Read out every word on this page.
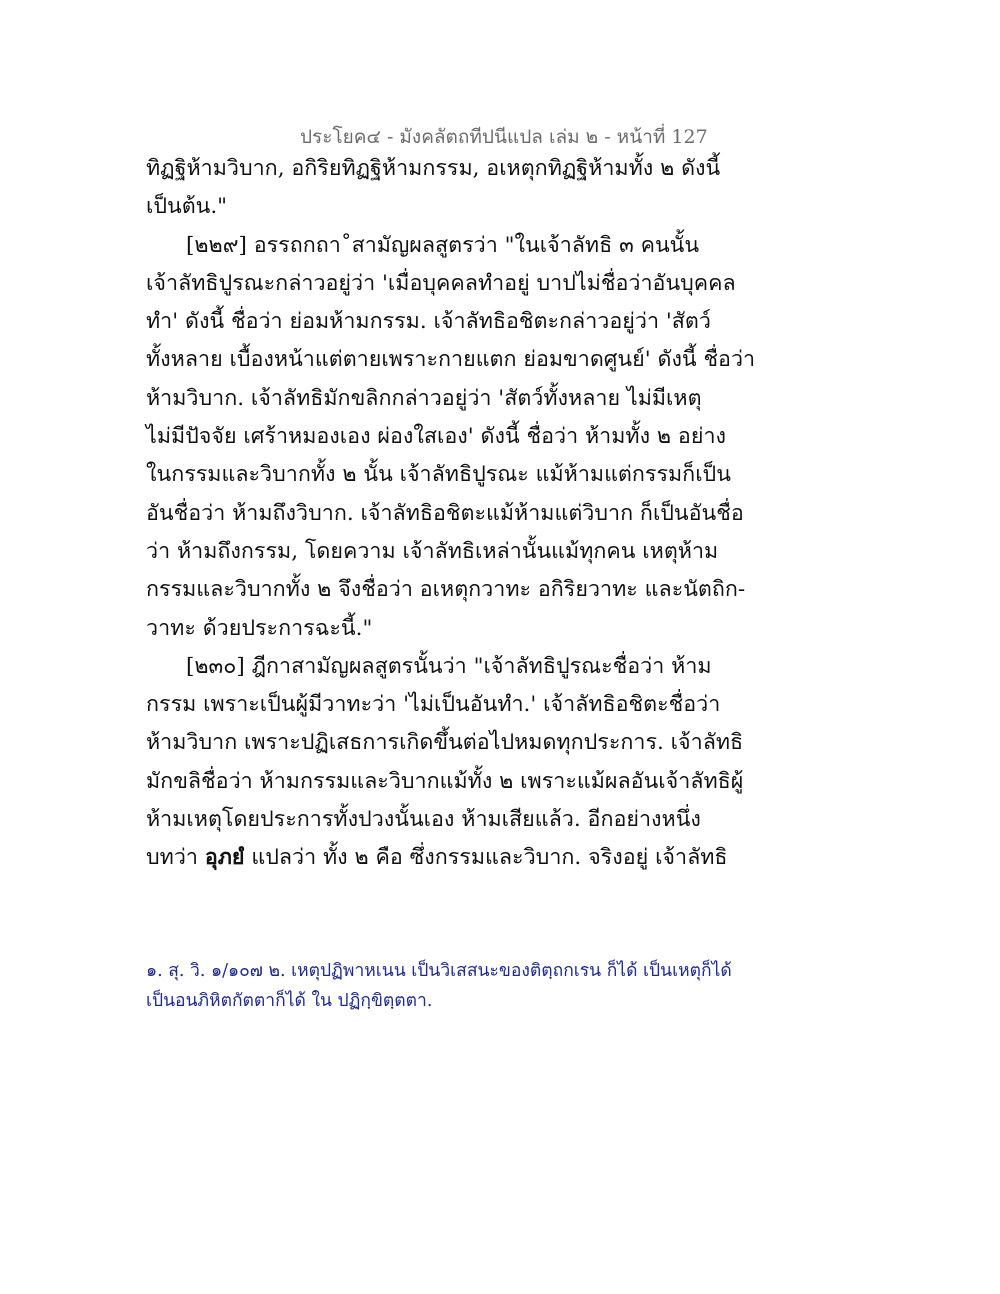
ประโยค๔ - มังคลัตถทีปนีแปล เล่ม ๒ - หน้าที่ 127
ทิฏฐิห้ามวิบาก, อกิริยทิฏฐิห้ามกรรม, อเหตุกทิฏฐิห้ามทั้ง ๒ ดังนี้
เป็นต้น."
[๒๒๙] อรรถกถา˚สามัญผลสูตรว่า "ในเจ้าลัทธิ ๓ คนนั้น
เจ้าลัทธิปูรณะกล่าวอยู่ว่า 'เมื่อบุคคลทำอยู่ บาปไม่ชื่อว่าอันบุคคล
ทำ' ดังนี้ ชื่อว่า ย่อมห้ามกรรม. เจ้าลัทธิอชิตะกล่าวอยู่ว่า 'สัตว์
ทั้งหลาย เบื้องหน้าแต่ตายเพราะกายแตก ย่อมขาดศูนย์' ดังนี้ ชื่อว่า
ห้ามวิบาก. เจ้าลัทธิมักขลิกกล่าวอยู่ว่า 'สัตว์ทั้งหลาย ไม่มีเหตุ
ไม่มีปัจจัย เศร้าหมองเอง ผ่องใสเอง' ดังนี้ ชื่อว่า ห้ามทั้ง ๒ อย่าง
ในกรรมและวิบากทั้ง ๒ นั้น เจ้าลัทธิปูรณะ แม้ห้ามแต่กรรมก็เป็น
อันชื่อว่า ห้ามถึงวิบาก. เจ้าลัทธิอชิตะแม้ห้ามแต่วิบาก ก็เป็นอันชื่อ
ว่า ห้ามถึงกรรม, โดยความ เจ้าลัทธิเหล่านั้นแม้ทุกคน เหตุห้าม
กรรมและวิบากทั้ง ๒ จึงชื่อว่า อเหตุกวาทะ อกิริยวาทะ และนัตถิก-
วาทะ ด้วยประการฉะนี้."
[๒๓๐] ฎีกาสามัญผลสูตรนั้นว่า "เจ้าลัทธิปูรณะชื่อว่า ห้าม
กรรม เพราะเป็นผู้มีวาทะว่า 'ไม่เป็นอันทำ.' เจ้าลัทธิอชิตะชื่อว่า
ห้ามวิบาก เพราะปฏิเสธการเกิดขึ้นต่อไปหมดทุกประการ. เจ้าลัทธิ
มักขลิชื่อว่า ห้ามกรรมและวิบากแม้ทั้ง ๒ เพราะแม้ผลอันเจ้าลัทธิผู้
ห้ามเหตุโดยประการทั้งปวงนั้นเอง ห้ามเสียแล้ว. อีกอย่างหนึ่ง
บทว่า อุภยํ แปลว่า ทั้ง ๒ คือ ซึ่งกรรมและวิบาก. จริงอยู่ เจ้าลัทธิ
๑. สุ. วิ. ๑/๑๐๗ ๒. เหตุปฏิพาหเนน เป็นวิเสสนะของติตฺถกเรน ก็ได้ เป็นเหตุก็ได้
เป็นอนภิหิตกัตตาก็ได้ ใน ปฏิกฺขิตฺตตา.
